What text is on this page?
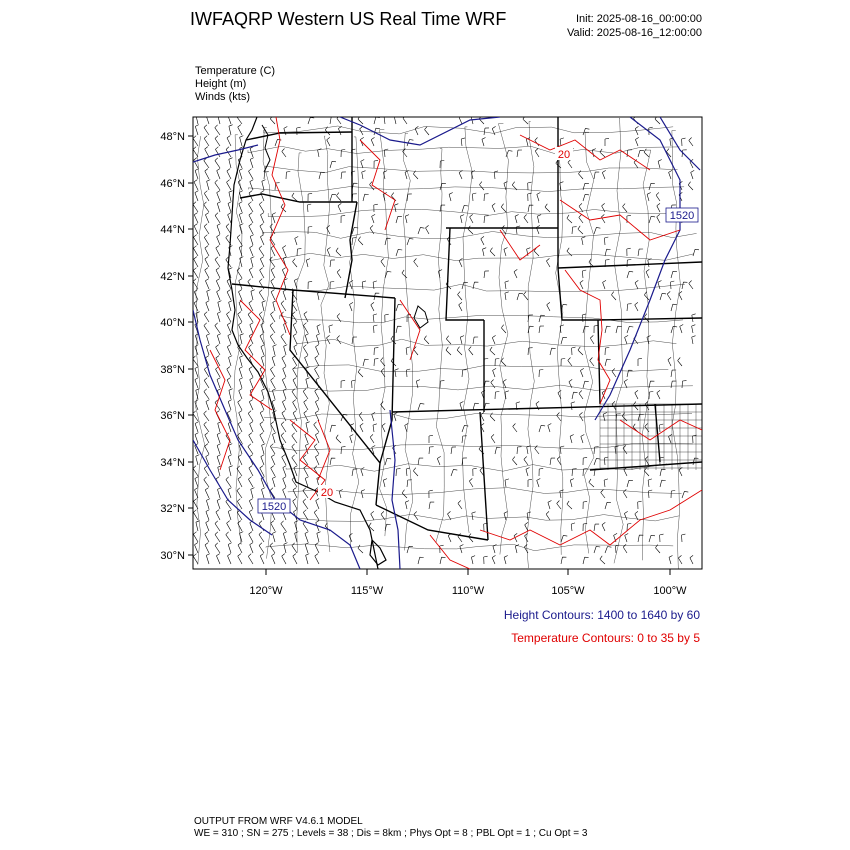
1520
1520
20
20
48°N
46°N
44°N
42°N
40°N
38°N
36°N
34°N
32°N
30°N
120°W	115°W	110°W	105°W	100°W
IWFAQRP Western US Real Time WRF	Init: 2025-08-16_00:00:00
Valid: 2025-08-16_12:00:00
Temperature (C)
Height (m)
Winds (kts)
Height Contours: 1400 to 1640 by 60
Temperature Contours: 0 to 35 by 5
OUTPUT FROM WRF V4.6.1 MODEL
WE = 310 ; SN = 275 ; Levels = 38 ; Dis = 8km ; Phys Opt = 8 ; PBL Opt = 1 ; Cu Opt = 3
